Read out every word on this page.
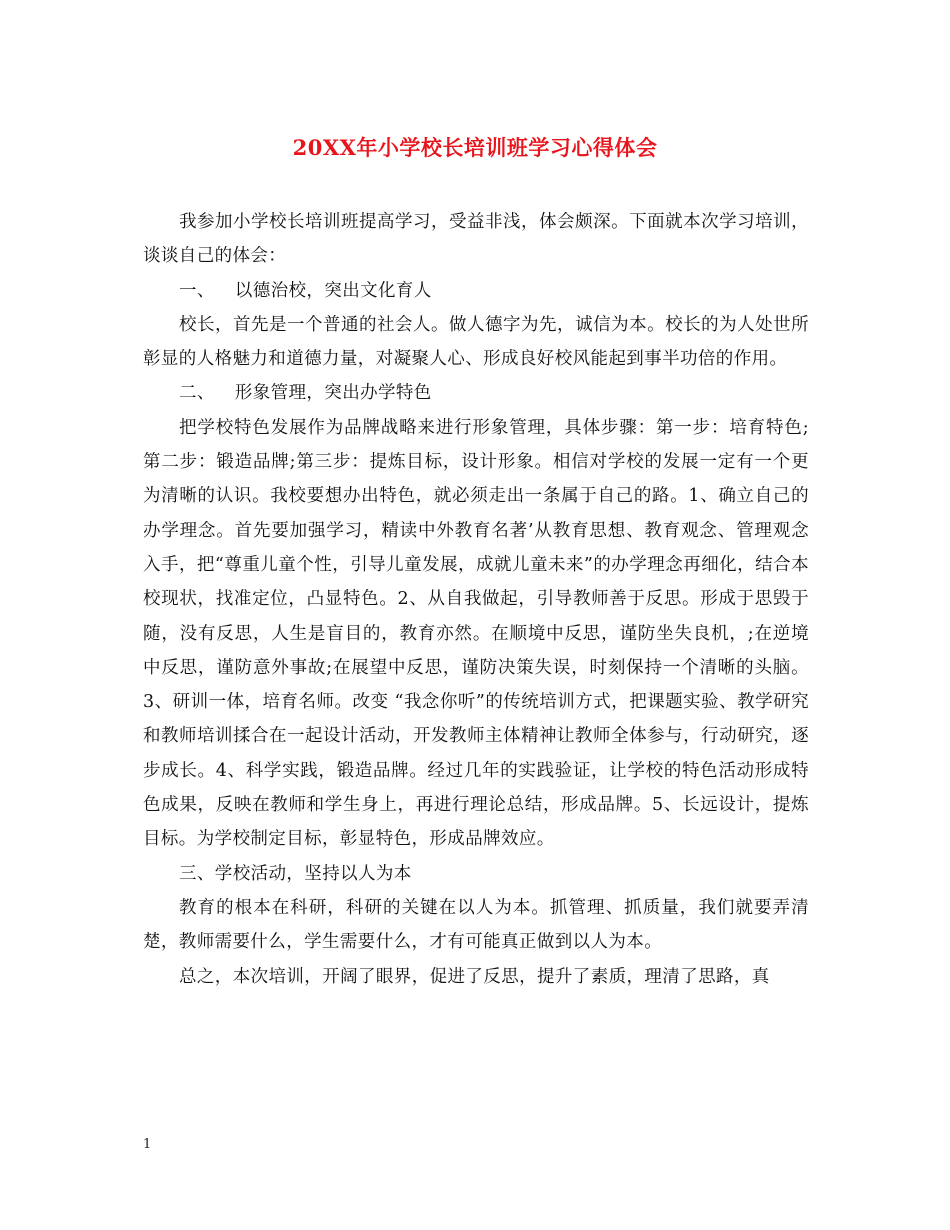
20XX年小学校长培训班学习心得体会

我参加小学校长培训班提高学习，受益非浅，体会颇深。下面就本次学习培训，谈谈自己的体会：

一、 以德治校，突出文化育人

校长，首先是一个普通的社会人。做人德字为先，诚信为本。校长的为人处世所彰显的人格魅力和道德力量，对凝聚人心、形成良好校风能起到事半功倍的作用。

二、 形象管理，突出办学特色

把学校特色发展作为品牌战略来进行形象管理，具体步骤：第一步：培育特色;第二步：锻造品牌;第三步：提炼目标，设计形象。相信对学校的发展一定有一个更为清晰的认识。我校要想办出特色，就必须走出一条属于自己的路。1、确立自己的办学理念。首先要加强学习，精读中外教育名著’从教育思想、教育观念、管理观念入手，把“尊重儿童个性，引导儿童发展，成就儿童未来”的办学理念再细化，结合本校现状，找准定位，凸显特色。2、从自我做起，引导教师善于反思。形成于思毁于随，没有反思，人生是盲目的，教育亦然。在顺境中反思，谨防坐失良机，;在逆境中反思，谨防意外事故;在展望中反思，谨防决策失误，时刻保持一个清晰的头脑。3、研训一体，培育名师。改变 “我念你听”的传统培训方式，把课题实验、教学研究和教师培训揉合在一起设计活动，开发教师主体精神让教师全体参与，行动研究，逐步成长。4、科学实践，锻造品牌。经过几年的实践验证，让学校的特色活动形成特色成果，反映在教师和学生身上，再进行理论总结，形成品牌。5、长远设计，提炼目标。为学校制定目标，彰显特色，形成品牌效应。

三、学校活动，坚持以人为本

教育的根本在科研，科研的关键在以人为本。抓管理、抓质量，我们就要弄清楚，教师需要什么，学生需要什么，才有可能真正做到以人为本。

总之，本次培训，开阔了眼界，促进了反思，提升了素质，理清了思路，真

1
